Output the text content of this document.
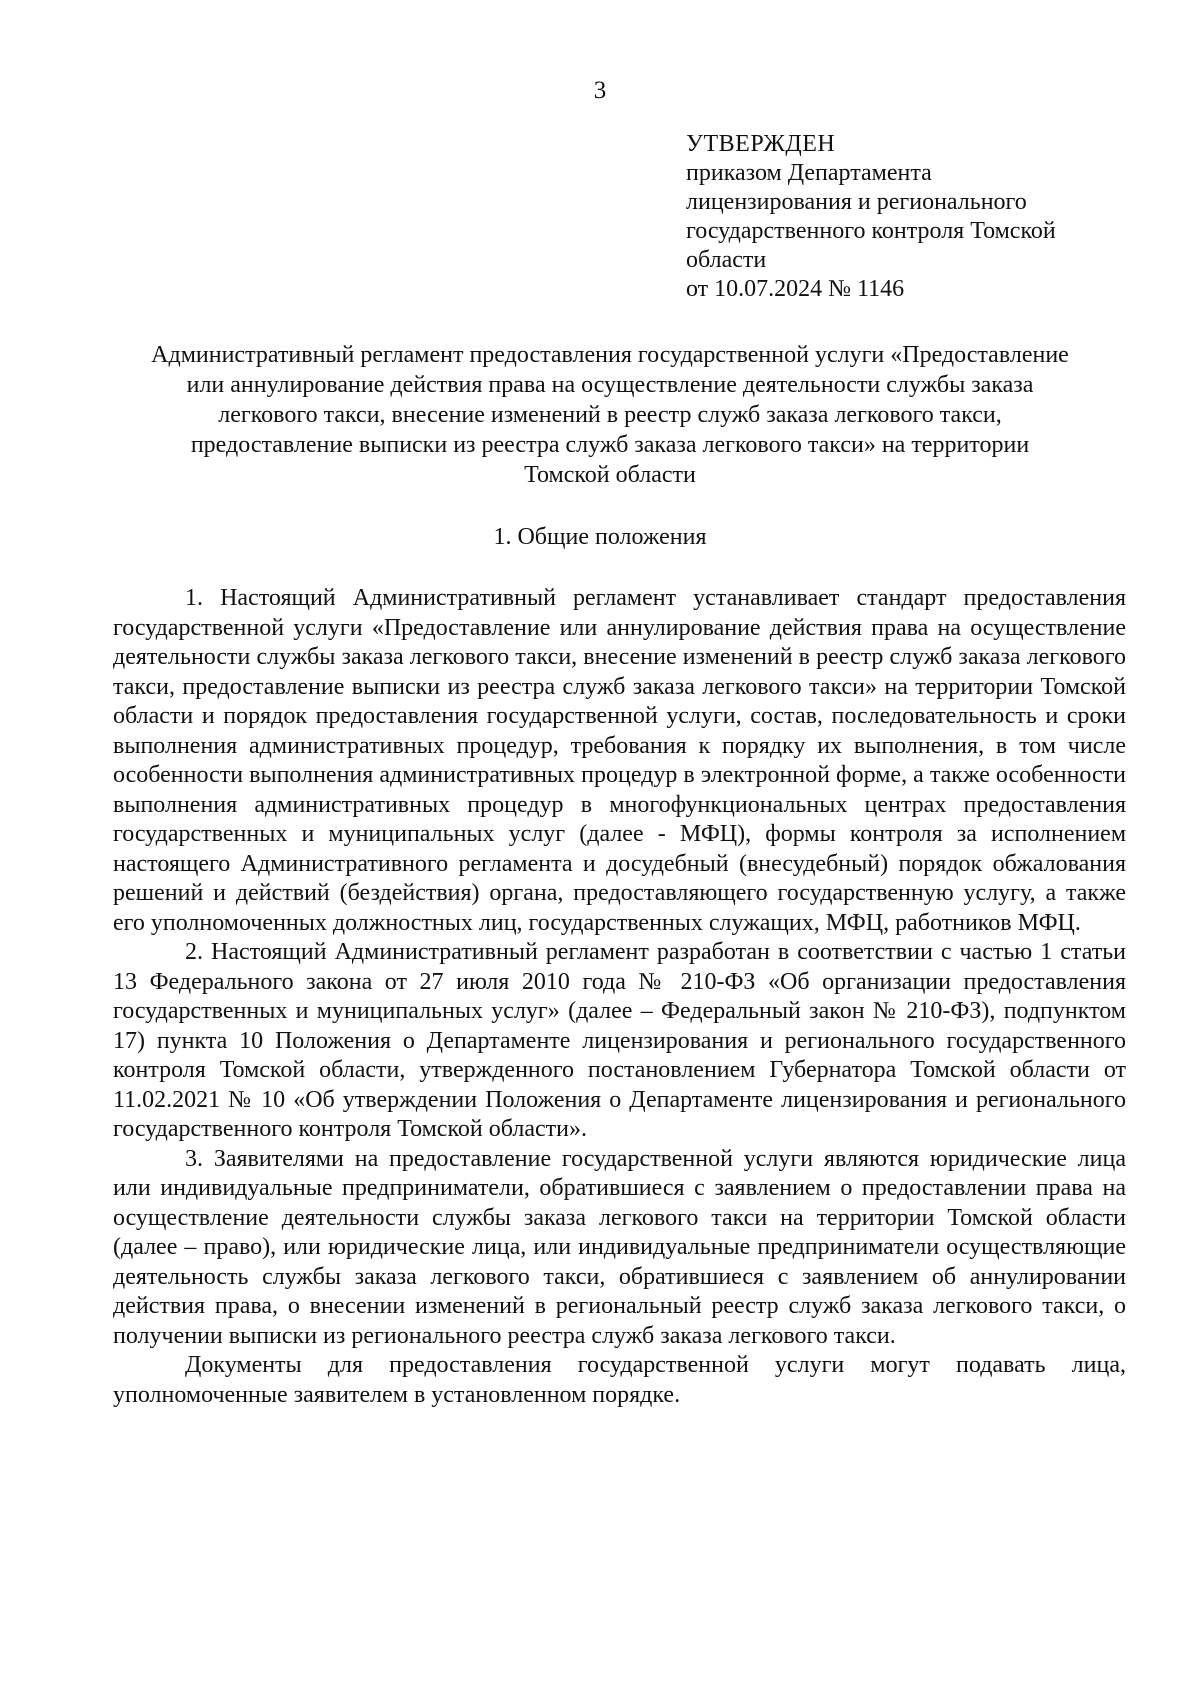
3
УТВЕРЖДЕН
приказом Департамента
лицензирования и регионального
государственного контроля Томской
области
от 10.07.2024 № 1146
Административный регламент предоставления государственной услуги «Предоставление
или аннулирование действия права на осуществление деятельности службы заказа
легкового такси, внесение изменений в реестр служб заказа легкового такси,
предоставление выписки из реестра служб заказа легкового такси» на территории
Томской области
1. Общие положения

1. Настоящий Административный регламент устанавливает стандарт предоставления государственной услуги «Предоставление или аннулирование действия права на осуществление деятельности службы заказа легкового такси, внесение изменений в реестр служб заказа легкового такси, предоставление выписки из реестра служб заказа легкового такси» на территории Томской области и порядок предоставления государственной услуги, состав, последовательность и сроки выполнения административных процедур, требования к порядку их выполнения, в том числе особенности выполнения административных процедур в электронной форме, а также особенности выполнения административных процедур в многофункциональных центрах предоставления государственных и муниципальных услуг (далее - МФЦ), формы контроля за исполнением настоящего Административного регламента и досудебный (внесудебный) порядок обжалования решений и действий (бездействия) органа, предоставляющего государственную услугу, а также его уполномоченных должностных лиц, государственных служащих, МФЦ, работников МФЦ.

2. Настоящий Административный регламент разработан в соответствии с частью 1 статьи 13 Федерального закона от 27 июля 2010 года № 210-ФЗ «Об организации предоставления государственных и муниципальных услуг» (далее – Федеральный закон № 210-ФЗ), подпунктом 17) пункта 10 Положения о Департаменте лицензирования и регионального государственного контроля Томской области, утвержденного постановлением Губернатора Томской области от 11.02.2021 № 10 «Об утверждении Положения о Департаменте лицензирования и регионального государственного контроля Томской области».

3. Заявителями на предоставление государственной услуги являются юридические лица или индивидуальные предприниматели, обратившиеся с заявлением о предоставлении права на осуществление деятельности службы заказа легкового такси на территории Томской области (далее – право), или юридические лица, или индивидуальные предприниматели осуществляющие деятельность службы заказа легкового такси, обратившиеся с заявлением об аннулировании действия права, о внесении изменений в региональный реестр служб заказа легкового такси, о получении выписки из регионального реестра служб заказа легкового такси.

Документы для предоставления государственной услуги могут подавать лица, уполномоченные заявителем в установленном порядке.
